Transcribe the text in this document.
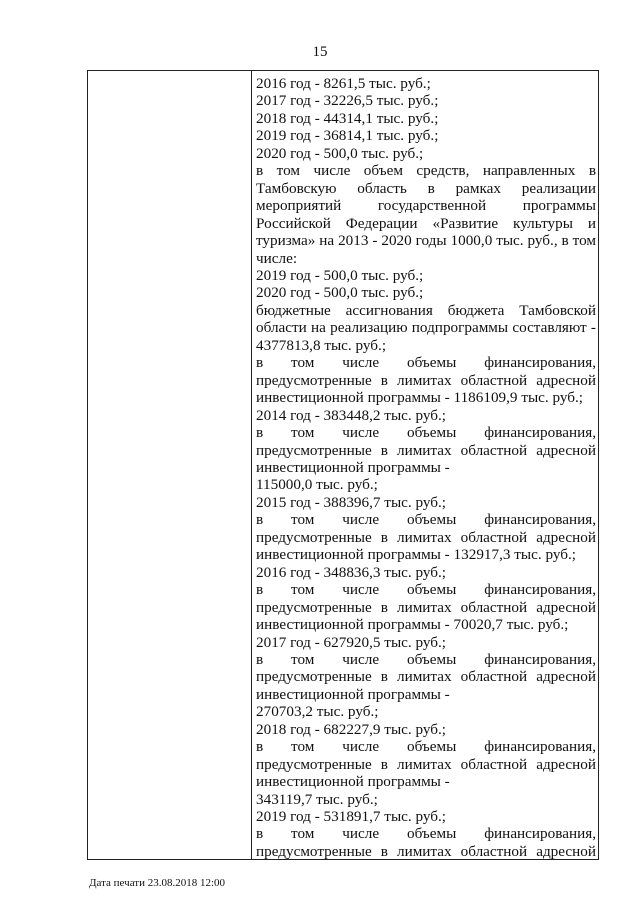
15
2016 год - 8261,5 тыс. руб.;
2017 год - 32226,5 тыс. руб.;
2018 год - 44314,1 тыс. руб.;
2019 год - 36814,1 тыс. руб.;
2020 год - 500,0 тыс. руб.;
в том числе объем средств, направленных в
Тамбовскую область в рамках реализации
мероприятий государственной программы
Российской Федерации «Развитие культуры и
туризма» на 2013 - 2020 годы 1000,0 тыс. руб., в том
числе:
2019 год - 500,0 тыс. руб.;
2020 год - 500,0 тыс. руб.;
бюджетные ассигнования бюджета Тамбовской
области на реализацию подпрограммы составляют -
4377813,8 тыс. руб.;
в том числе объемы финансирования,
предусмотренные в лимитах областной адресной
инвестиционной программы - 1186109,9 тыс. руб.;
2014 год - 383448,2 тыс. руб.;
в том числе объемы финансирования,
предусмотренные в лимитах областной адресной
инвестиционной программы -
115000,0 тыс. руб.;
2015 год - 388396,7 тыс. руб.;
в том числе объемы финансирования,
предусмотренные в лимитах областной адресной
инвестиционной программы - 132917,3 тыс. руб.;
2016 год - 348836,3 тыс. руб.;
в том числе объемы финансирования,
предусмотренные в лимитах областной адресной
инвестиционной программы - 70020,7 тыс. руб.;
2017 год - 627920,5 тыс. руб.;
в том числе объемы финансирования,
предусмотренные в лимитах областной адресной
инвестиционной программы -
270703,2 тыс. руб.;
2018 год - 682227,9 тыс. руб.;
в том числе объемы финансирования,
предусмотренные в лимитах областной адресной
инвестиционной программы -
343119,7 тыс. руб.;
2019 год - 531891,7 тыс. руб.;
в том числе объемы финансирования,
предусмотренные в лимитах областной адресной
Дата печати 23.08.2018 12:00
